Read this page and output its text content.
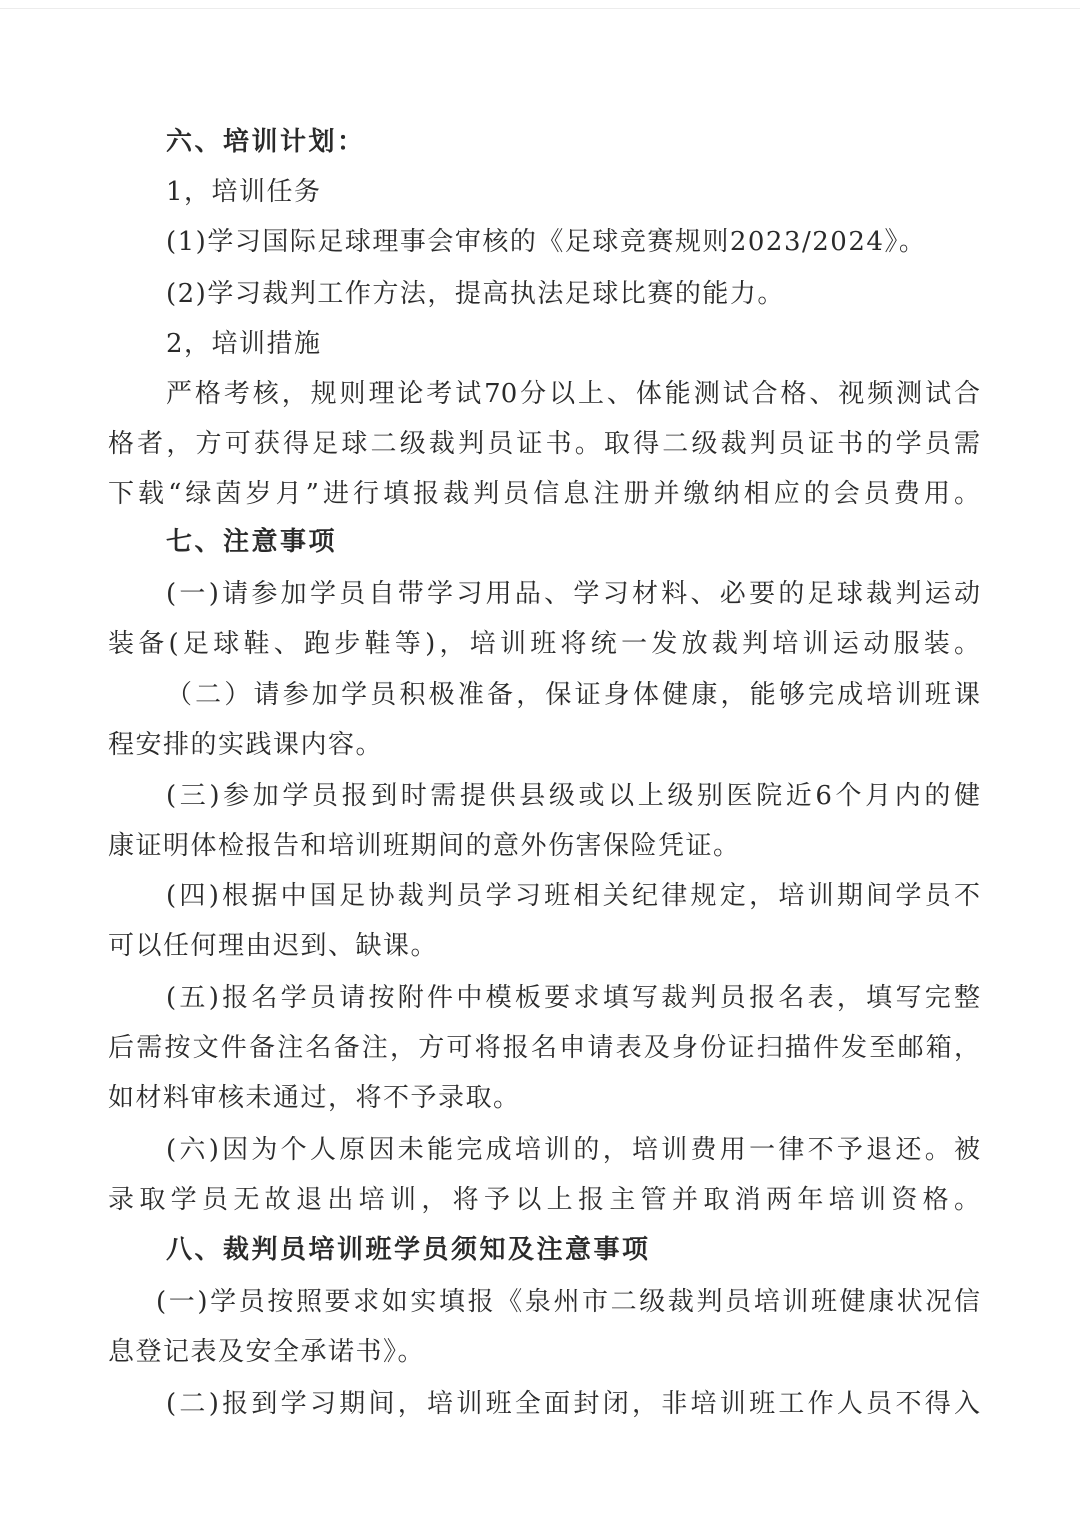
六、培训计划：
1，培训任务
(1)学习国际足球理事会审核的《足球竞赛规则2023/2024》。
(2)学习裁判工作方法，提高执法足球比赛的能力。
2，培训措施
严格考核，规则理论考试70分以上、体能测试合格、视频测试合
格者，方可获得足球二级裁判员证书。取得二级裁判员证书的学员需
下载“绿茵岁月”进行填报裁判员信息注册并缴纳相应的会员费用。
七、注意事项
(一)请参加学员自带学习用品、学习材料、必要的足球裁判运动
装备(足球鞋、跑步鞋等)，培训班将统一发放裁判培训运动服装。
（二）请参加学员积极准备，保证身体健康，能够完成培训班课
程安排的实践课内容。
(三)参加学员报到时需提供县级或以上级别医院近6个月内的健
康证明体检报告和培训班期间的意外伤害保险凭证。
(四)根据中国足协裁判员学习班相关纪律规定，培训期间学员不
可以任何理由迟到、缺课。
(五)报名学员请按附件中模板要求填写裁判员报名表，填写完整
后需按文件备注名备注，方可将报名申请表及身份证扫描件发至邮箱，
如材料审核未通过，将不予录取。
(六)因为个人原因未能完成培训的，培训费用一律不予退还。被
录取学员无故退出培训，将予以上报主管并取消两年培训资格。
八、裁判员培训班学员须知及注意事项
(一)学员按照要求如实填报《泉州市二级裁判员培训班健康状况信
息登记表及安全承诺书》。
(二)报到学习期间，培训班全面封闭，非培训班工作人员不得入
